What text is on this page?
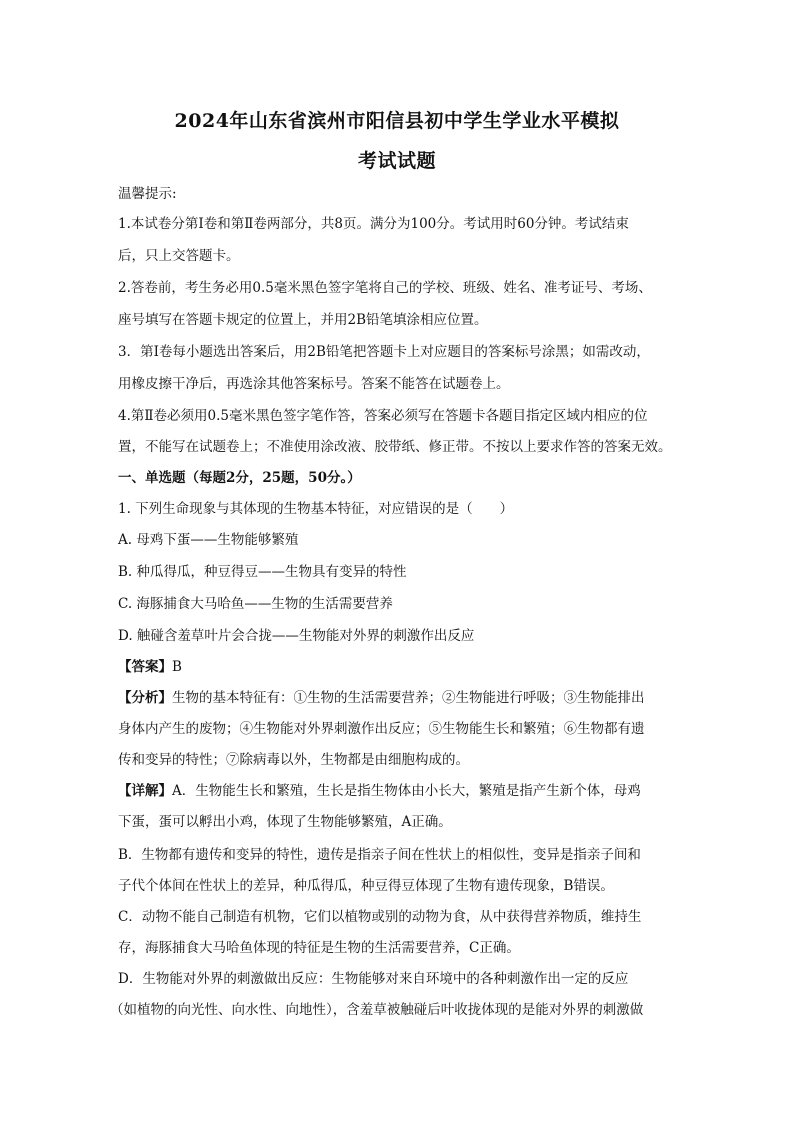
2024年山东省滨州市阳信县初中学生学业水平模拟
考试试题
温馨提示:
1.本试卷分第Ⅰ卷和第Ⅱ卷两部分，共8页。满分为100分。考试用时60分钟。考试结束
后，只上交答题卡。
2.答卷前，考生务必用0.5毫米黑色签字笔将自己的学校、班级、姓名、准考证号、考场、
座号填写在答题卡规定的位置上，并用2B铅笔填涂相应位置。
3．第Ⅰ卷每小题选出答案后，用2B铅笔把答题卡上对应题目的答案标号涂黑；如需改动，
用橡皮擦干净后，再选涂其他答案标号。答案不能答在试题卷上。
4.第Ⅱ卷必须用0.5毫米黑色签字笔作答，答案必须写在答题卡各题目指定区域内相应的位
置，不能写在试题卷上；不准使用涂改液、胶带纸、修正带。不按以上要求作答的答案无效。
一、单选题（每题2分，25题，50分。）
1. 下列生命现象与其体现的生物基本特征，对应错误的是（　　）
A. 母鸡下蛋——生物能够繁殖
B. 种瓜得瓜，种豆得豆——生物具有变异的特性
C. 海豚捕食大马哈鱼——生物的生活需要营养
D. 触碰含羞草叶片会合拢——生物能对外界的刺激作出反应
【答案】B
【分析】生物的基本特征有：①生物的生活需要营养；②生物能进行呼吸；③生物能排出
身体内产生的废物；④生物能对外界刺激作出反应；⑤生物能生长和繁殖；⑥生物都有遗
传和变异的特性；⑦除病毒以外，生物都是由细胞构成的。
【详解】A．生物能生长和繁殖，生长是指生物体由小长大，繁殖是指产生新个体，母鸡
下蛋，蛋可以孵出小鸡，体现了生物能够繁殖，A正确。
B．生物都有遗传和变异的特性，遗传是指亲子间在性状上的相似性，变异是指亲子间和
子代个体间在性状上的差异，种瓜得瓜，种豆得豆体现了生物有遗传现象，B错误。
C．动物不能自己制造有机物，它们以植物或别的动物为食，从中获得营养物质，维持生
存，海豚捕食大马哈鱼体现的特征是生物的生活需要营养，C正确。
D．生物能对外界的刺激做出反应：生物能够对来自环境中的各种刺激作出一定的反应
（如植物的向光性、向水性、向地性），含羞草被触碰后叶收拢体现的是能对外界的刺激做
